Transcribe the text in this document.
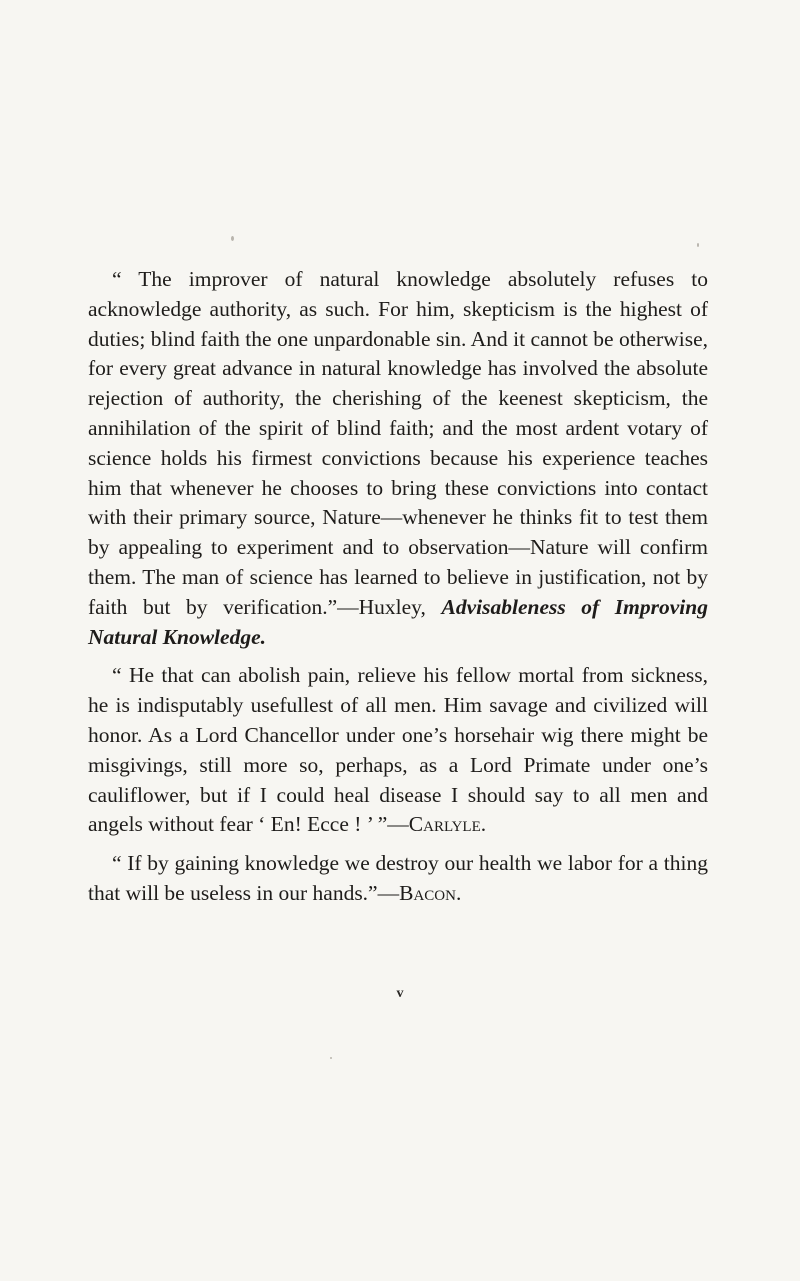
“ The improver of natural knowledge absolutely refuses to acknowledge authority, as such. For him, skepticism is the highest of duties; blind faith the one unpardonable sin. And it cannot be otherwise, for every great advance in natural knowledge has involved the absolute rejection of authority, the cherishing of the keenest skepticism, the annihilation of the spirit of blind faith; and the most ardent votary of science holds his firmest convictions because his experience teaches him that whenever he chooses to bring these convictions into contact with their primary source, Nature—whenever he thinks fit to test them by appealing to experiment and to observation—Nature will confirm them. The man of science has learned to believe in justification, not by faith but by verification.”—Huxley, Advisableness of Improving Natural Knowledge.

“ He that can abolish pain, relieve his fellow mortal from sickness, he is indisputably usefullest of all men. Him savage and civilized will honor. As a Lord Chancellor under one’s horsehair wig there might be misgivings, still more so, perhaps, as a Lord Primate under one’s cauliflower, but if I could heal disease I should say to all men and angels without fear ‘ En! Ecce ! ’ ”—Carlyle.

“ If by gaining knowledge we destroy our health we labor for a thing that will be useless in our hands.”—Bacon.

v
